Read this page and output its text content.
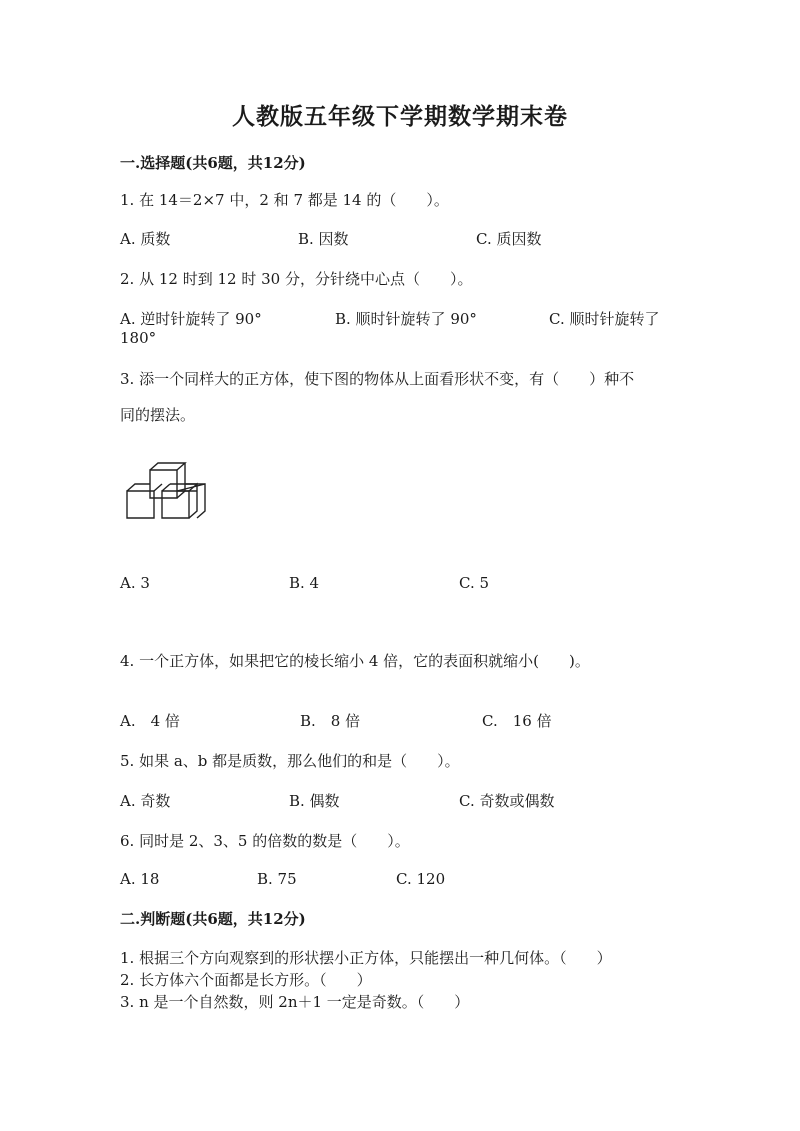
人教版五年级下学期数学期末卷
一.选择题(共6题，共12分)
1. 在 14＝2×7 中，2 和 7 都是 14 的（　　）。
A. 质数	B. 因数	C. 质因数
2. 从 12 时到 12 时 30 分，分针绕中心点（　　）。
A. 逆时针旋转了 90°	B. 顺时针旋转了 90°	C. 顺时针旋转了
180°
3. 添一个同样大的正方体，使下图的物体从上面看形状不变，有（　　）种不
同的摆法。
A. 3	B. 4	C. 5
4. 一个正方体，如果把它的棱长缩小 4 倍，它的表面积就缩小(　　)。
A.　4 倍	B.　8 倍	C.　16 倍
5. 如果 a、b 都是质数，那么他们的和是（　　）。
A. 奇数	B. 偶数	C. 奇数或偶数
6. 同时是 2、3、5 的倍数的数是（　　）。
A. 18	B. 75	C. 120
二.判断题(共6题，共12分)
1. 根据三个方向观察到的形状摆小正方体，只能摆出一种几何体。（　　）
2. 长方体六个面都是长方形。（　　）
3. n 是一个自然数，则 2n＋1 一定是奇数。（　　）
